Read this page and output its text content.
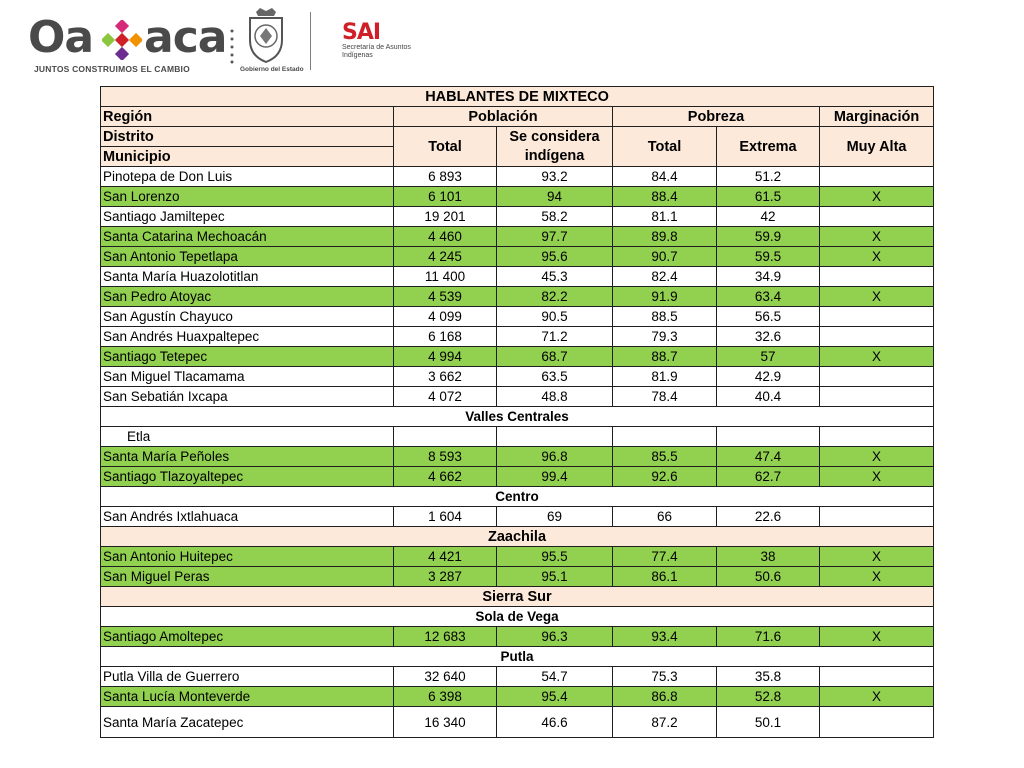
Oa aca
JUNTOS CONSTRUIMOS EL CAMBIO	Gobierno del Estado
SAI
Secretaría de Asuntos Indígenas
HABLANTES DE MIXTECO					
Región	Población		Pobreza		Marginación
Distrito	Total	Se considera indígena	Total	Extrema	Muy Alta
Municipio					
Pinotepa de Don Luis	6 893	93.2	84.4	51.2	
San Lorenzo	6 101	94	88.4	61.5	X
Santiago Jamiltepec	19 201	58.2	81.1	42	
Santa Catarina Mechoacán	4 460	97.7	89.8	59.9	X
San Antonio Tepetlapa	4 245	95.6	90.7	59.5	X
Santa María Huazolotitlan	11 400	45.3	82.4	34.9	
San Pedro Atoyac	4 539	82.2	91.9	63.4	X
San Agustín Chayuco	4 099	90.5	88.5	56.5	
San Andrés Huaxpaltepec	6 168	71.2	79.3	32.6	
Santiago Tetepec	4 994	68.7	88.7	57	X
San Miguel Tlacamama	3 662	63.5	81.9	42.9	
San Sebatián Ixcapa	4 072	48.8	78.4	40.4	
Valles Centrales					
Etla					
Santa María Peñoles	8 593	96.8	85.5	47.4	X
Santiago Tlazoyaltepec	4 662	99.4	92.6	62.7	X
Centro					
San Andrés Ixtlahuaca	1 604	69	66	22.6	
Zaachila					
San Antonio Huitepec	4 421	95.5	77.4	38	X
San Miguel Peras	3 287	95.1	86.1	50.6	X
Sierra Sur					
Sola de Vega					
Santiago Amoltepec	12 683	96.3	93.4	71.6	X
Putla					
Putla Villa de Guerrero	32 640	54.7	75.3	35.8	
Santa Lucía Monteverde	6 398	95.4	86.8	52.8	X
Santa María Zacatepec	16 340	46.6	87.2	50.1	
